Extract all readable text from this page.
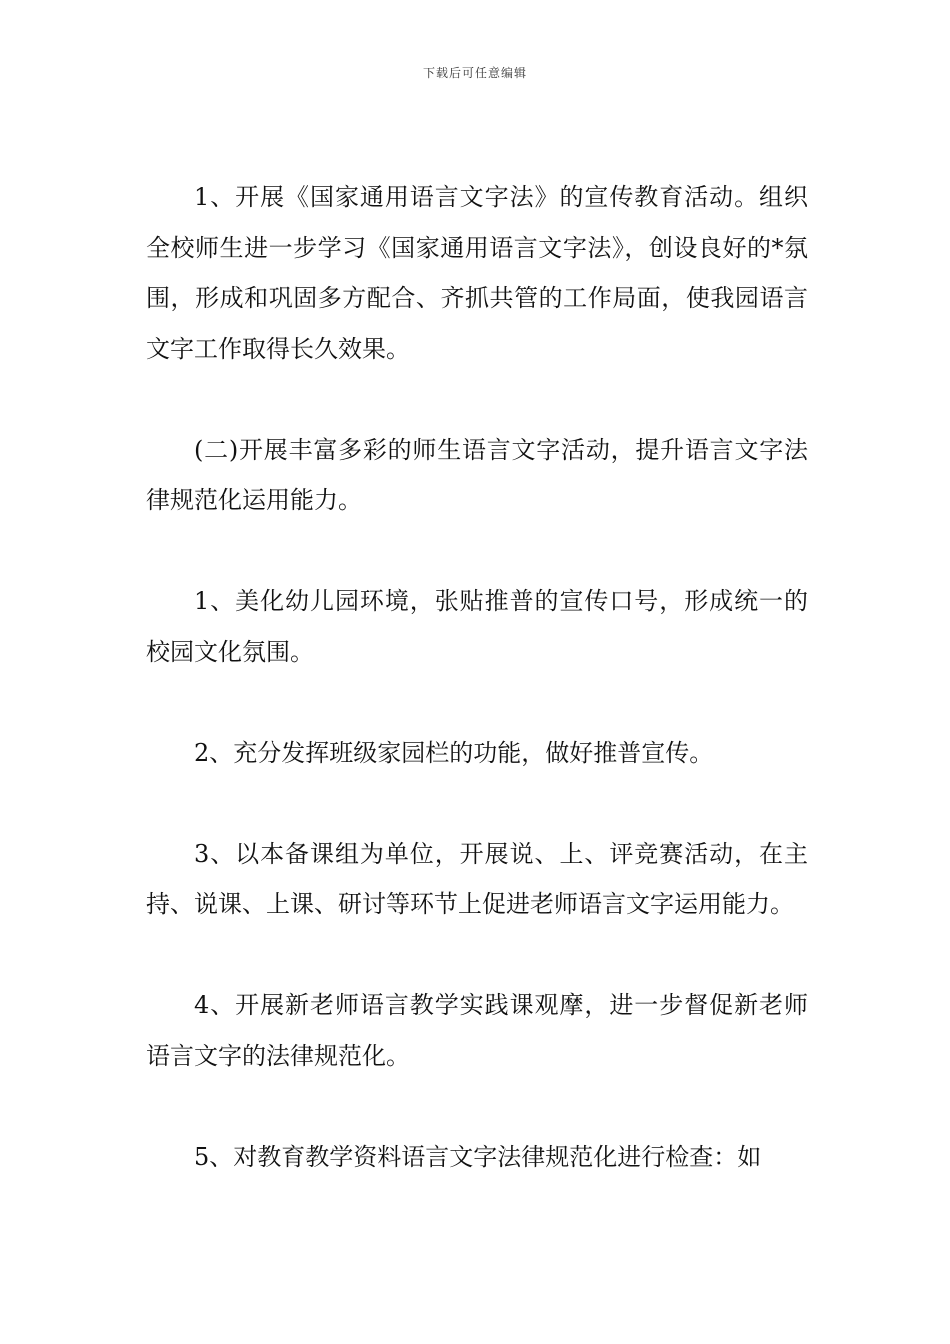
下载后可任意编辑

1、开展《国家通用语言文字法》的宣传教育活动。组织全校师生进一步学习《国家通用语言文字法》，创设良好的*氛围，形成和巩固多方配合、齐抓共管的工作局面，使我园语言文字工作取得长久效果。

(二)开展丰富多彩的师生语言文字活动，提升语言文字法律规范化运用能力。

1、美化幼儿园环境，张贴推普的宣传口号，形成统一的校园文化氛围。

2、充分发挥班级家园栏的功能，做好推普宣传。

3、以本备课组为单位，开展说、上、评竞赛活动，在主持、说课、上课、研讨等环节上促进老师语言文字运用能力。

4、开展新老师语言教学实践课观摩，进一步督促新老师语言文字的法律规范化。

5、对教育教学资料语言文字法律规范化进行检查：如
